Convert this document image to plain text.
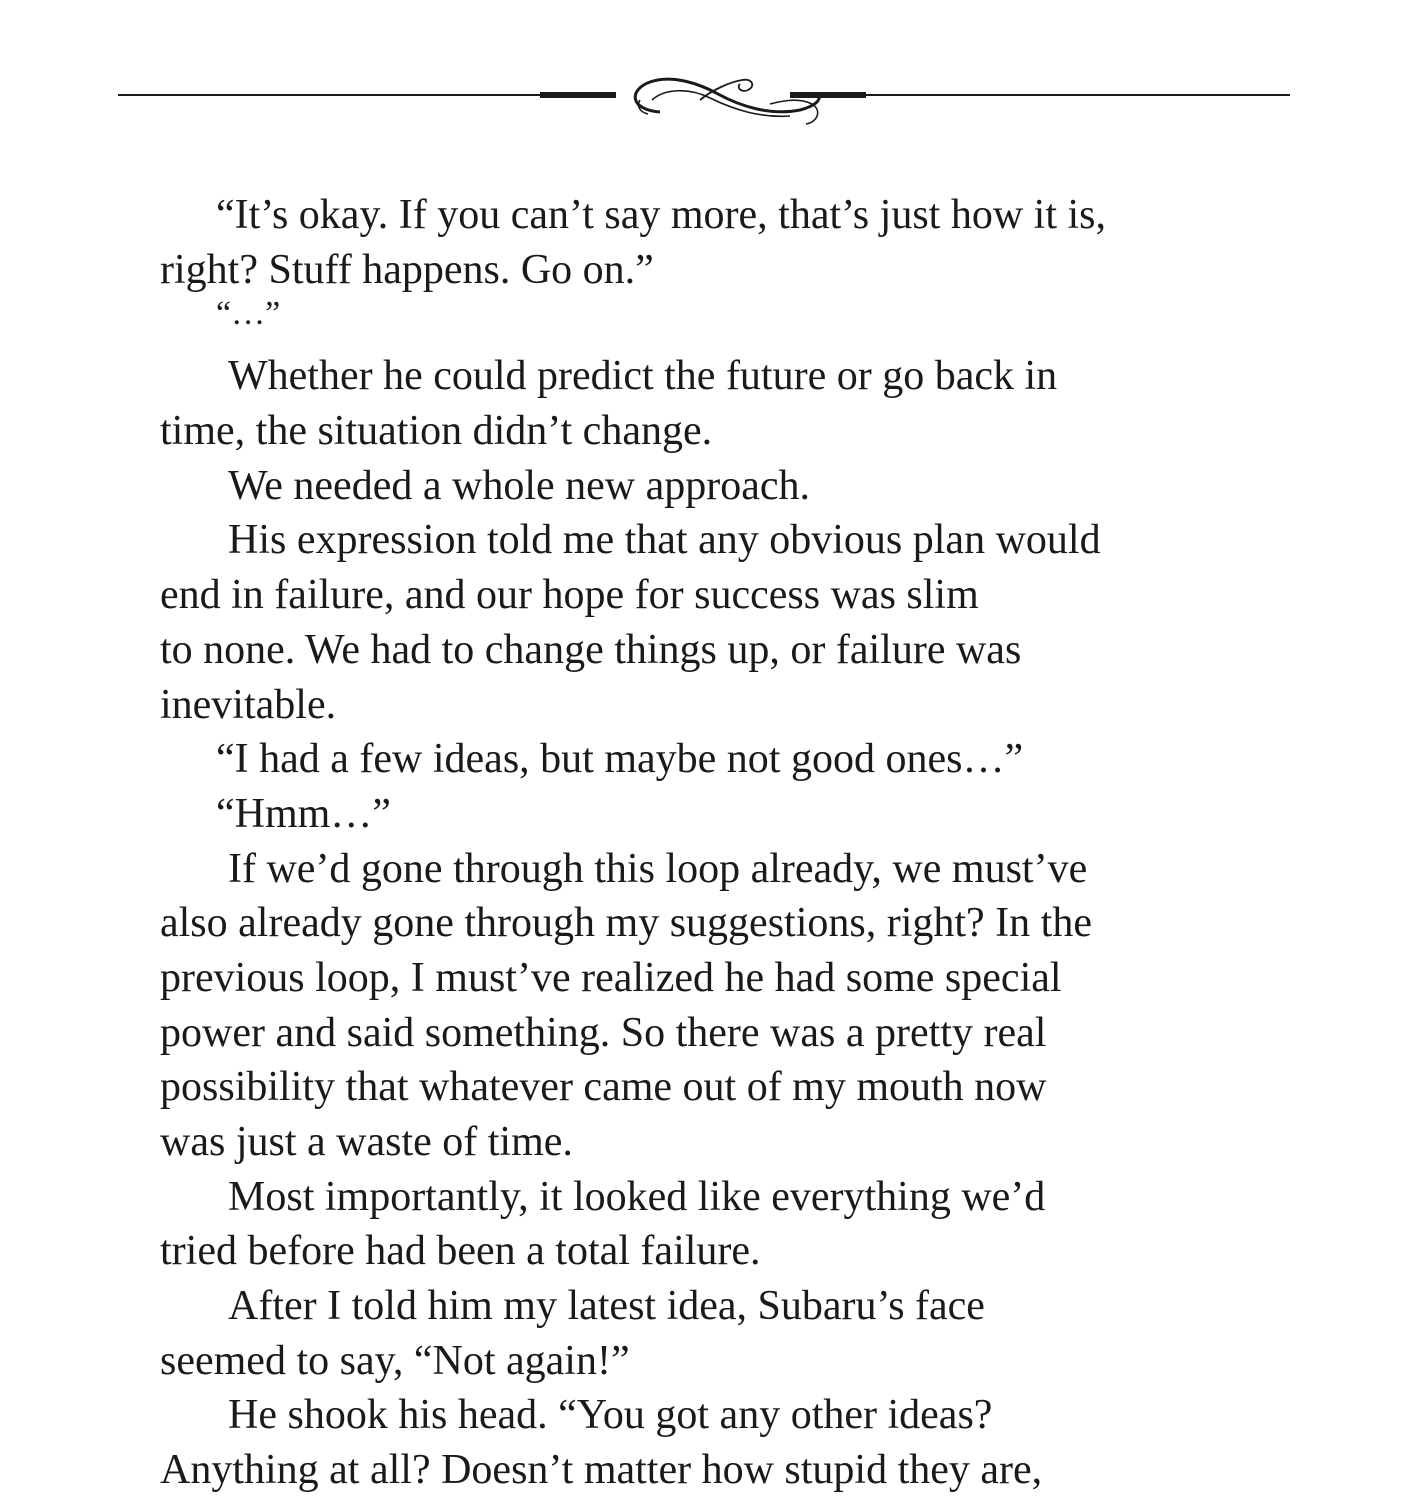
“It’s okay. If you can’t say more, that’s just how it is,
right? Stuff happens. Go on.”
“…”
Whether he could predict the future or go back in
time, the situation didn’t change.
We needed a whole new approach.
His expression told me that any obvious plan would
end in failure, and our hope for success was slim
to none. We had to change things up, or failure was
inevitable.
“I had a few ideas, but maybe not good ones…”
“Hmm…”
If we’d gone through this loop already, we must’ve
also already gone through my suggestions, right? In the
previous loop, I must’ve realized he had some special
power and said something. So there was a pretty real
possibility that whatever came out of my mouth now
was just a waste of time.
Most importantly, it looked like everything we’d
tried before had been a total failure.
After I told him my latest idea, Subaru’s face
seemed to say, “Not again!”
He shook his head. “You got any other ideas?
Anything at all? Doesn’t matter how stupid they are,
